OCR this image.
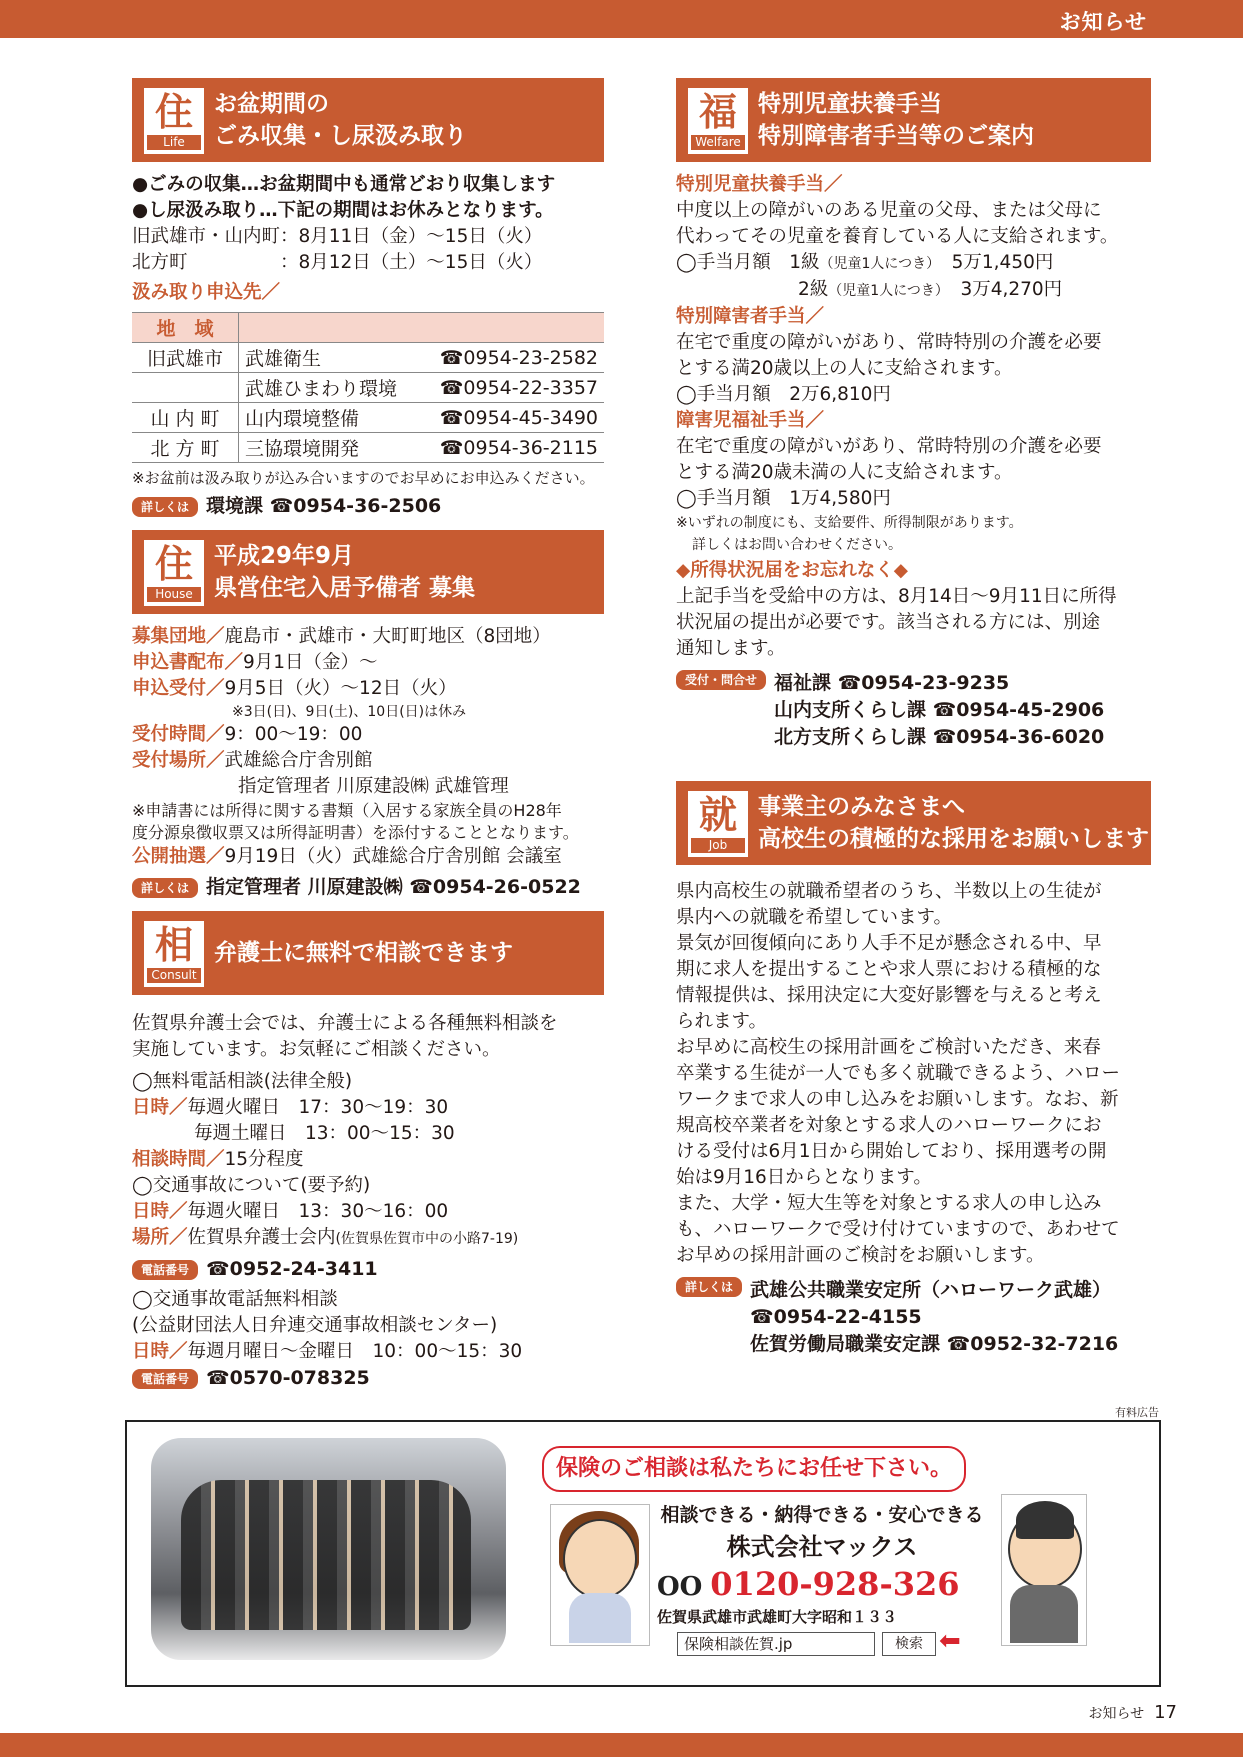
お知らせ
住
Life
お盆期間の
ごみ収集・し尿汲み取り

●ごみの収集…お盆期間中も通常どおり収集します

●し尿汲み取り…下記の期間はお休みとなります。

旧武雄市・山内町：8月11日（金）～15日（火）

北方町　　　　　：8月12日（土）～15日（火）

汲み取り申込先／

地　域		
旧武雄市	武雄衛生	☎0954-23-2582
	武雄ひまわり環境	☎0954-22-3357
山 内 町	山内環境整備	☎0954-45-3490
北 方 町	三協環境開発	☎0954-36-2115

※お盆前は汲み取りが込み合いますのでお早めにお申込みください。

詳しくは 環境課 ☎0954-36-2506
住
House
平成29年9月
県営住宅入居予備者 募集

募集団地／鹿島市・武雄市・大町町地区（8団地）

申込書配布／9月1日（金）～

申込受付／9月5日（火）～12日（火）

※3日(日)、9日(土)、10日(日)は休み

受付時間／9：00～19：00

受付場所／武雄総合庁舎別館

指定管理者 川原建設㈱ 武雄管理

※申請書には所得に関する書類（入居する家族全員のH28年

度分源泉徴収票又は所得証明書）を添付することとなります。

公開抽選／9月19日（火）武雄総合庁舎別館 会議室

詳しくは 指定管理者 川原建設㈱ ☎0954-26-0522
相
Consult
弁護士に無料で相談できます

佐賀県弁護士会では、弁護士による各種無料相談を

実施しています。お気軽にご相談ください。

◯無料電話相談(法律全般)

日時／毎週火曜日　17：30～19：30

毎週土曜日　13：00～15：30

相談時間／15分程度

◯交通事故について(要予約)

日時／毎週火曜日　13：30～16：00

場所／佐賀県弁護士会内(佐賀県佐賀市中の小路7-19)

電話番号 ☎0952-24-3411

◯交通事故電話無料相談

(公益財団法人日弁連交通事故相談センター)

日時／毎週月曜日～金曜日　10：00～15：30

電話番号 ☎0570-078325
福
Welfare
特別児童扶養手当
特別障害者手当等のご案内

特別児童扶養手当／

中度以上の障がいのある児童の父母、または父母に

代わってその児童を養育している人に支給されます。

◯手当月額　1級（児童1人につき）　 5万1,450円

2級（児童1人につき）　 3万4,270円

特別障害者手当／

在宅で重度の障がいがあり、常時特別の介護を必要

とする満20歳以上の人に支給されます。

◯手当月額　2万6,810円

障害児福祉手当／

在宅で重度の障がいがあり、常時特別の介護を必要

とする満20歳未満の人に支給されます。

◯手当月額　1万4,580円

※いずれの制度にも、支給要件、所得制限があります。

詳しくはお問い合わせください。

◆所得状況届をお忘れなく◆

上記手当を受給中の方は、8月14日～9月11日に所得

状況届の提出が必要です。該当される方には、別途

通知します。

受付・問合せ 福祉課 ☎0954-23-9235
山内支所くらし課 ☎0954-45-2906
北方支所くらし課 ☎0954-36-6020
就
Job
事業主のみなさまへ
高校生の積極的な採用をお願いします

県内高校生の就職希望者のうち、半数以上の生徒が

県内への就職を希望しています。

景気が回復傾向にあり人手不足が懸念される中、早

期に求人を提出することや求人票における積極的な

情報提供は、採用決定に大変好影響を与えると考え

られます。

お早めに高校生の採用計画をご検討いただき、来春

卒業する生徒が一人でも多く就職できるよう、ハロー

ワークまで求人の申し込みをお願いします。なお、新

規高校卒業者を対象とする求人のハローワークにお

ける受付は6月1日から開始しており、採用選考の開

始は9月16日からとなります。

また、大学・短大生等を対象とする求人の申し込み

も、ハローワークで受け付けていますので、あわせて

お早めの採用計画のご検討をお願いします。

詳しくは 武雄公共職業安定所（ハローワーク武雄）
☎0954-22-4155
佐賀労働局職業安定課 ☎0952-32-7216
有料広告
保険のご相談は私たちにお任せ下さい。
相談できる・納得できる・安心できる
株式会社マックス
OO 0120-928-326
佐賀県武雄市武雄町大字昭和１３３
保険相談佐賀.jp	検索 ⬅
お知らせ 17
